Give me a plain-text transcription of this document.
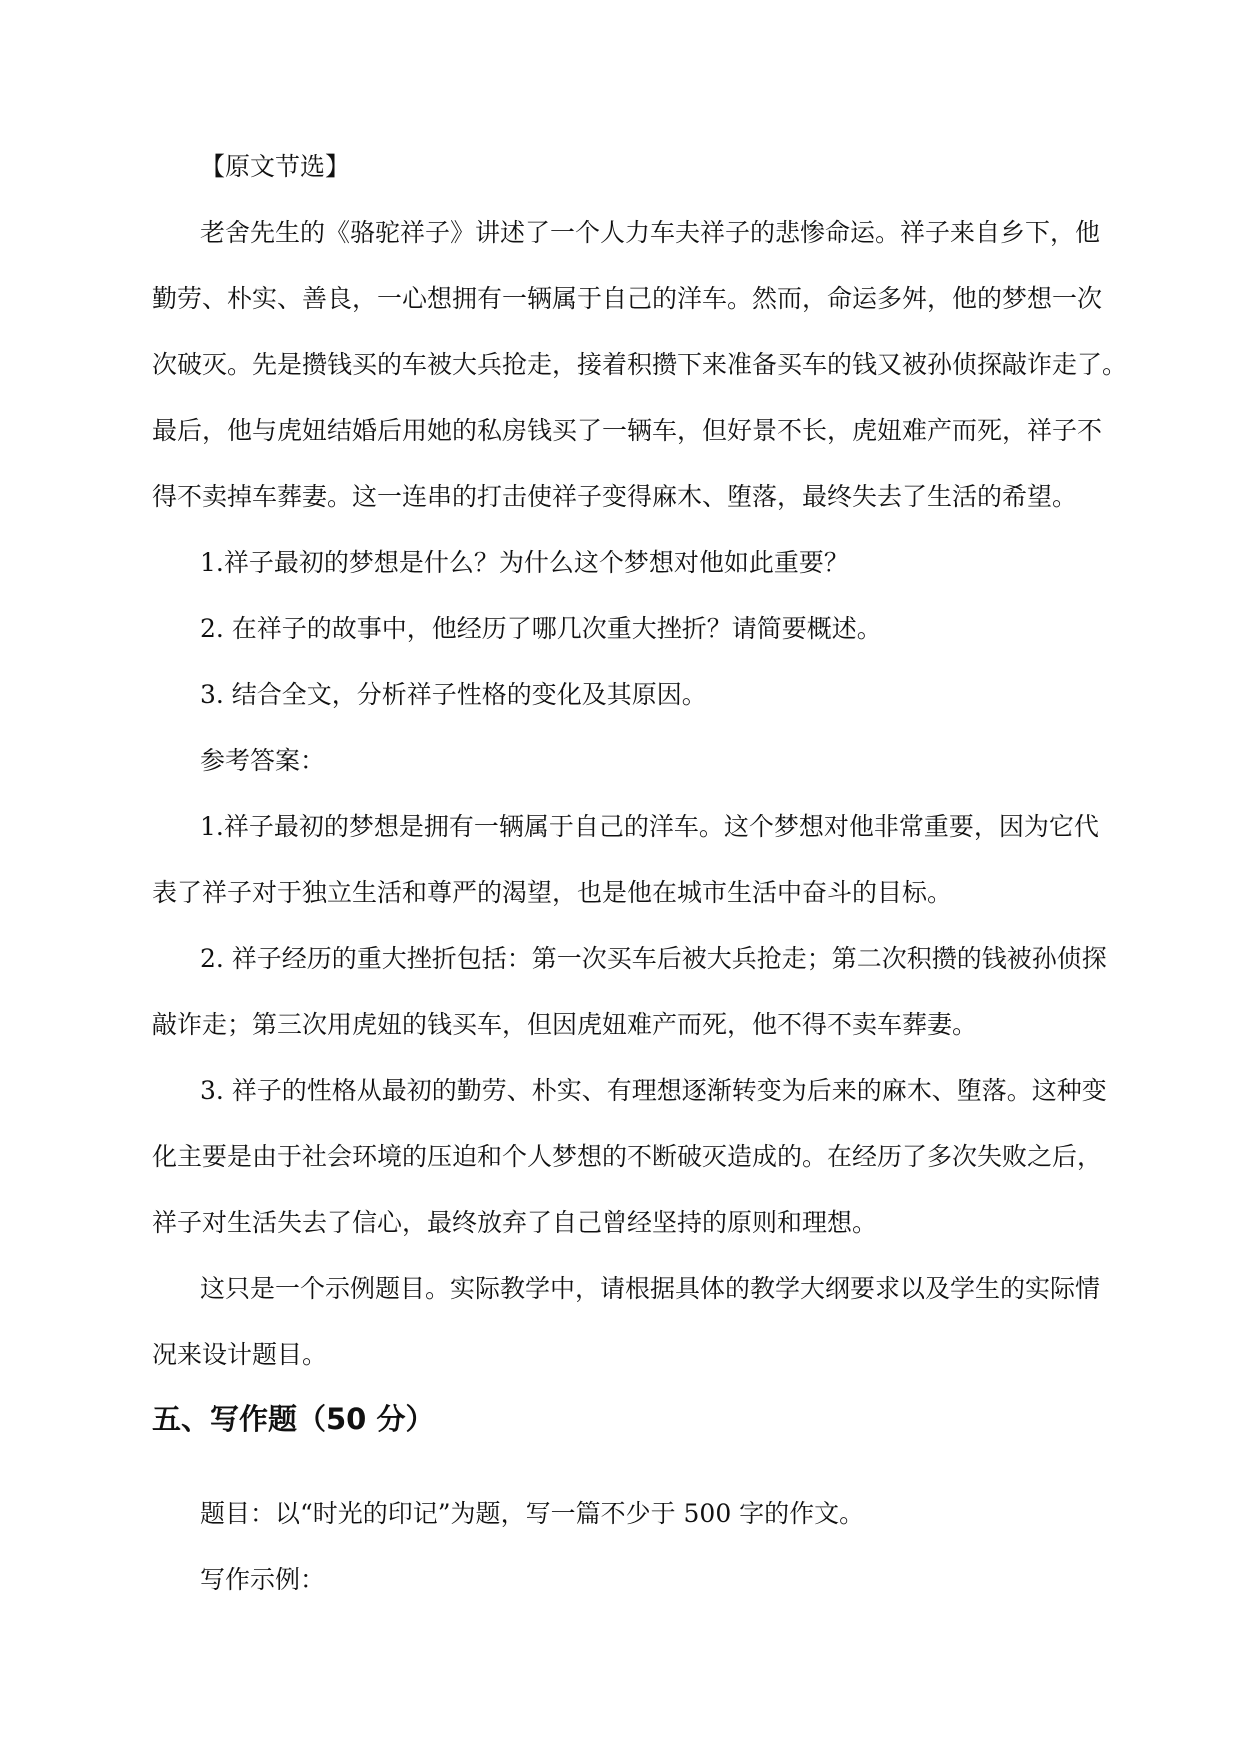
【原文节选】
老舍先生的《骆驼祥子》讲述了一个人力车夫祥子的悲惨命运。祥子来自乡下，他
勤劳、朴实、善良，一心想拥有一辆属于自己的洋车。然而，命运多舛，他的梦想一次
次破灭。先是攒钱买的车被大兵抢走，接着积攒下来准备买车的钱又被孙侦探敲诈走了。
最后，他与虎妞结婚后用她的私房钱买了一辆车，但好景不长，虎妞难产而死，祥子不
得不卖掉车葬妻。这一连串的打击使祥子变得麻木、堕落，最终失去了生活的希望。
1.祥子最初的梦想是什么？为什么这个梦想对他如此重要？
2. 在祥子的故事中，他经历了哪几次重大挫折？请简要概述。
3. 结合全文，分析祥子性格的变化及其原因。
参考答案：
1.祥子最初的梦想是拥有一辆属于自己的洋车。这个梦想对他非常重要，因为它代
表了祥子对于独立生活和尊严的渴望，也是他在城市生活中奋斗的目标。
2. 祥子经历的重大挫折包括：第一次买车后被大兵抢走；第二次积攒的钱被孙侦探
敲诈走；第三次用虎妞的钱买车，但因虎妞难产而死，他不得不卖车葬妻。
3. 祥子的性格从最初的勤劳、朴实、有理想逐渐转变为后来的麻木、堕落。这种变
化主要是由于社会环境的压迫和个人梦想的不断破灭造成的。在经历了多次失败之后，
祥子对生活失去了信心，最终放弃了自己曾经坚持的原则和理想。
这只是一个示例题目。实际教学中，请根据具体的教学大纲要求以及学生的实际情
况来设计题目。
五、写作题（50 分）
题目：以“时光的印记”为题，写一篇不少于 500 字的作文。
写作示例：
